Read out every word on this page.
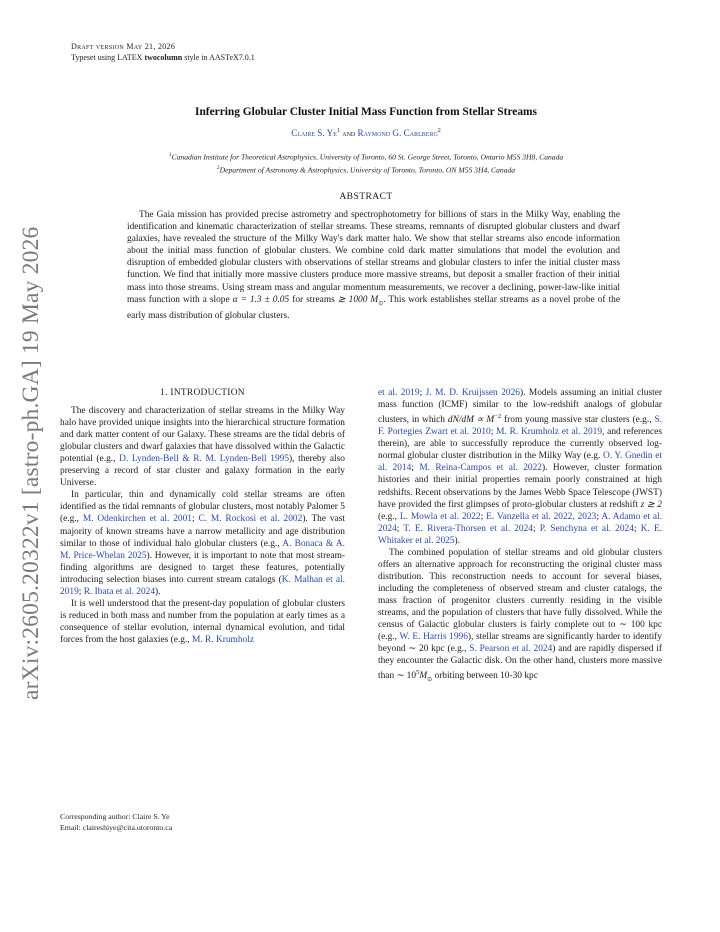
arXiv:2605.20322v1 [astro-ph.GA] 19 May 2026
Draft version May 21, 2026
Typeset using LATEX twocolumn style in AASTeX7.0.1
Inferring Globular Cluster Initial Mass Function from Stellar Streams
Claire S. Ye$^1$ and Raymond G. Carlberg$^2$
$^1$Canadian Institute for Theoretical Astrophysics, University of Toronto, 60 St. George Street, Toronto, Ontario M5S 3H8, Canada
$^2$Department of Astronomy & Astrophysics, University of Toronto, Toronto, ON M5S 3H4, Canada
ABSTRACT
The Gaia mission has provided precise astrometry and spectrophotometry for billions of stars in the Milky Way, enabling the identification and kinematic characterization of stellar streams. These streams, remnants of disrupted globular clusters and dwarf galaxies, have revealed the structure of the Milky Way's dark matter halo. We show that stellar streams also encode information about the initial mass function of globular clusters. We combine cold dark matter simulations that model the evolution and disruption of embedded globular clusters with observations of stellar streams and globular clusters to infer the initial cluster mass function. We find that initially more massive clusters produce more massive streams, but deposit a smaller fraction of their initial mass into those streams. Using stream mass and angular momentum measurements, we recover a declining, power-law-like initial mass function with a slope α = 1.3 ± 0.05 for streams ≳ 1000 $M_⊙$. This work establishes stellar streams as a novel probe of the early mass distribution of globular clusters.
1. INTRODUCTION

The discovery and characterization of stellar streams in the Milky Way halo have provided unique insights into the hierarchical structure formation and dark matter content of our Galaxy. These streams are the tidal debris of globular clusters and dwarf galaxies that have dissolved within the Galactic potential (e.g., D. Lynden-Bell & R. M. Lynden-Bell 1995), thereby also preserving a record of star cluster and galaxy formation in the early Universe.

In particular, thin and dynamically cold stellar streams are often identified as the tidal remnants of globular clusters, most notably Palomer 5 (e.g., M. Odenkirchen et al. 2001; C. M. Rockosi et al. 2002). The vast majority of known streams have a narrow metallicity and age distribution similar to those of individual halo globular clusters (e.g., A. Bonaca & A. M. Price-Whelan 2025). However, it is important to note that most stream-finding algorithms are designed to target these features, potentially introducing selection biases into current stream catalogs (K. Malhan et al. 2019; R. Ibata et al. 2024).

It is well understood that the present-day population of globular clusters is reduced in both mass and number from the population at early times as a consequence of stellar evolution, internal dynamical evolution, and tidal forces from the host galaxies (e.g., M. R. Krumholz

et al. 2019; J. M. D. Kruijssen 2026). Models assuming an initial cluster mass function (ICMF) similar to the low-redshift analogs of globular clusters, in which $dN/dM \propto M^{-2}$ from young massive star clusters (e.g., S. F. Portegies Zwart et al. 2010; M. R. Krumholz et al. 2019, and references therein), are able to successfully reproduce the currently observed log-normal globular cluster distribution in the Milky Way (e.g. O. Y. Gnedin et al. 2014; M. Reina-Campos et al. 2022). However, cluster formation histories and their initial properties remain poorly constrained at high redshifts. Recent observations by the James Webb Space Telescope (JWST) have provided the first glimpses of proto-globular clusters at redshift z ≳ 2 (e.g., L. Mowla et al. 2022; E. Vanzella et al. 2022, 2023; A. Adamo et al. 2024; T. E. Rivera-Thorsen et al. 2024; P. Senchyna et al. 2024; K. E. Whitaker et al. 2025).

The combined population of stellar streams and old globular clusters offers an alternative approach for reconstructing the original cluster mass distribution. This reconstruction needs to account for several biases, including the completeness of observed stream and cluster catalogs, the mass fraction of progenitor clusters currently residing in the visible streams, and the population of clusters that have fully dissolved. While the census of Galactic globular clusters is fairly complete out to ∼ 100 kpc (e.g., W. E. Harris 1996), stellar streams are significantly harder to identify beyond ∼ 20 kpc (e.g., S. Pearson et al. 2024) and are rapidly dispersed if they encounter the Galactic disk. On the other hand, clusters more massive than ∼ $10^5M_⊙$ orbiting between 10-30 kpc

Corresponding author: Claire S. Ye
Email: claireshiye@cita.utoronto.ca
